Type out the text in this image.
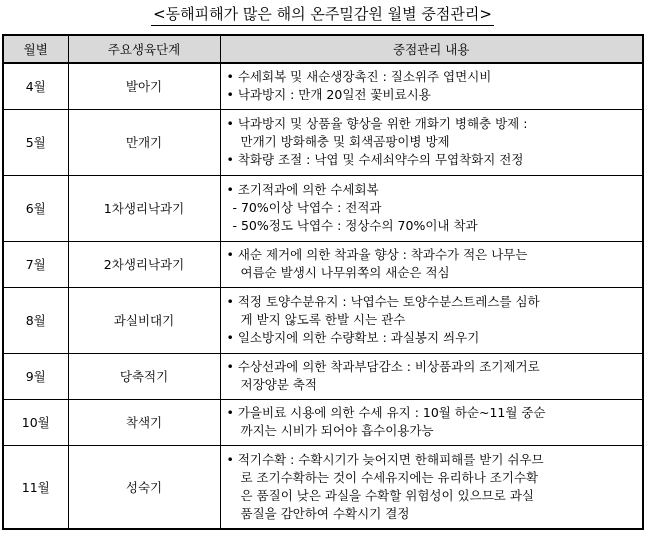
<동해피해가 많은 해의 온주밀감원 월별 중점관리>
월별	주요생육단계	중점관리 내용
4월	발아기	• 수세회복 및 새순생장촉진 : 질소위주 엽면시비
• 낙과방지 : 만개 20일전 꽃비료시용

5월	만개기	• 낙과방지 및 상품율 향상을 위한 개화기 병해충 방제 :
만개기 방화해충 및 회색곰팡이병 방제
• 착화량 조절 : 낙엽 및 수세쇠약수의 무엽착화지 전정

6월	1차생리낙과기	• 조기적과에 의한 수세회복
- 70%이상 낙엽수 : 전적과
- 50%정도 낙엽수 : 정상수의 70%이내 착과

7월	2차생리낙과기	• 새순 제거에 의한 착과율 향상 : 착과수가 적은 나무는
여름순 발생시 나무위쪽의 새순은 적심

8월	과실비대기	• 적정 토양수분유지 : 낙엽수는 토양수분스트레스를 심하
게 받지 않도록 한발 시는 관수
• 일소방지에 의한 수량확보 : 과실봉지 씌우기

9월	당축적기	• 수상선과에 의한 착과부담감소 : 비상품과의 조기제거로
저장양분 축적

10월	착색기	• 가을비료 시용에 의한 수세 유지 : 10월 하순~11월 중순
까지는 시비가 되어야 흡수이용가능

11월	성숙기	• 적기수확 : 수확시기가 늦어지면 한해피해를 받기 쉬우므
로 조기수확하는 것이 수세유지에는 유리하나 조기수확
은 품질이 낮은 과실을 수확할 위험성이 있으므로 과실
품질을 감안하여 수확시기 결정
